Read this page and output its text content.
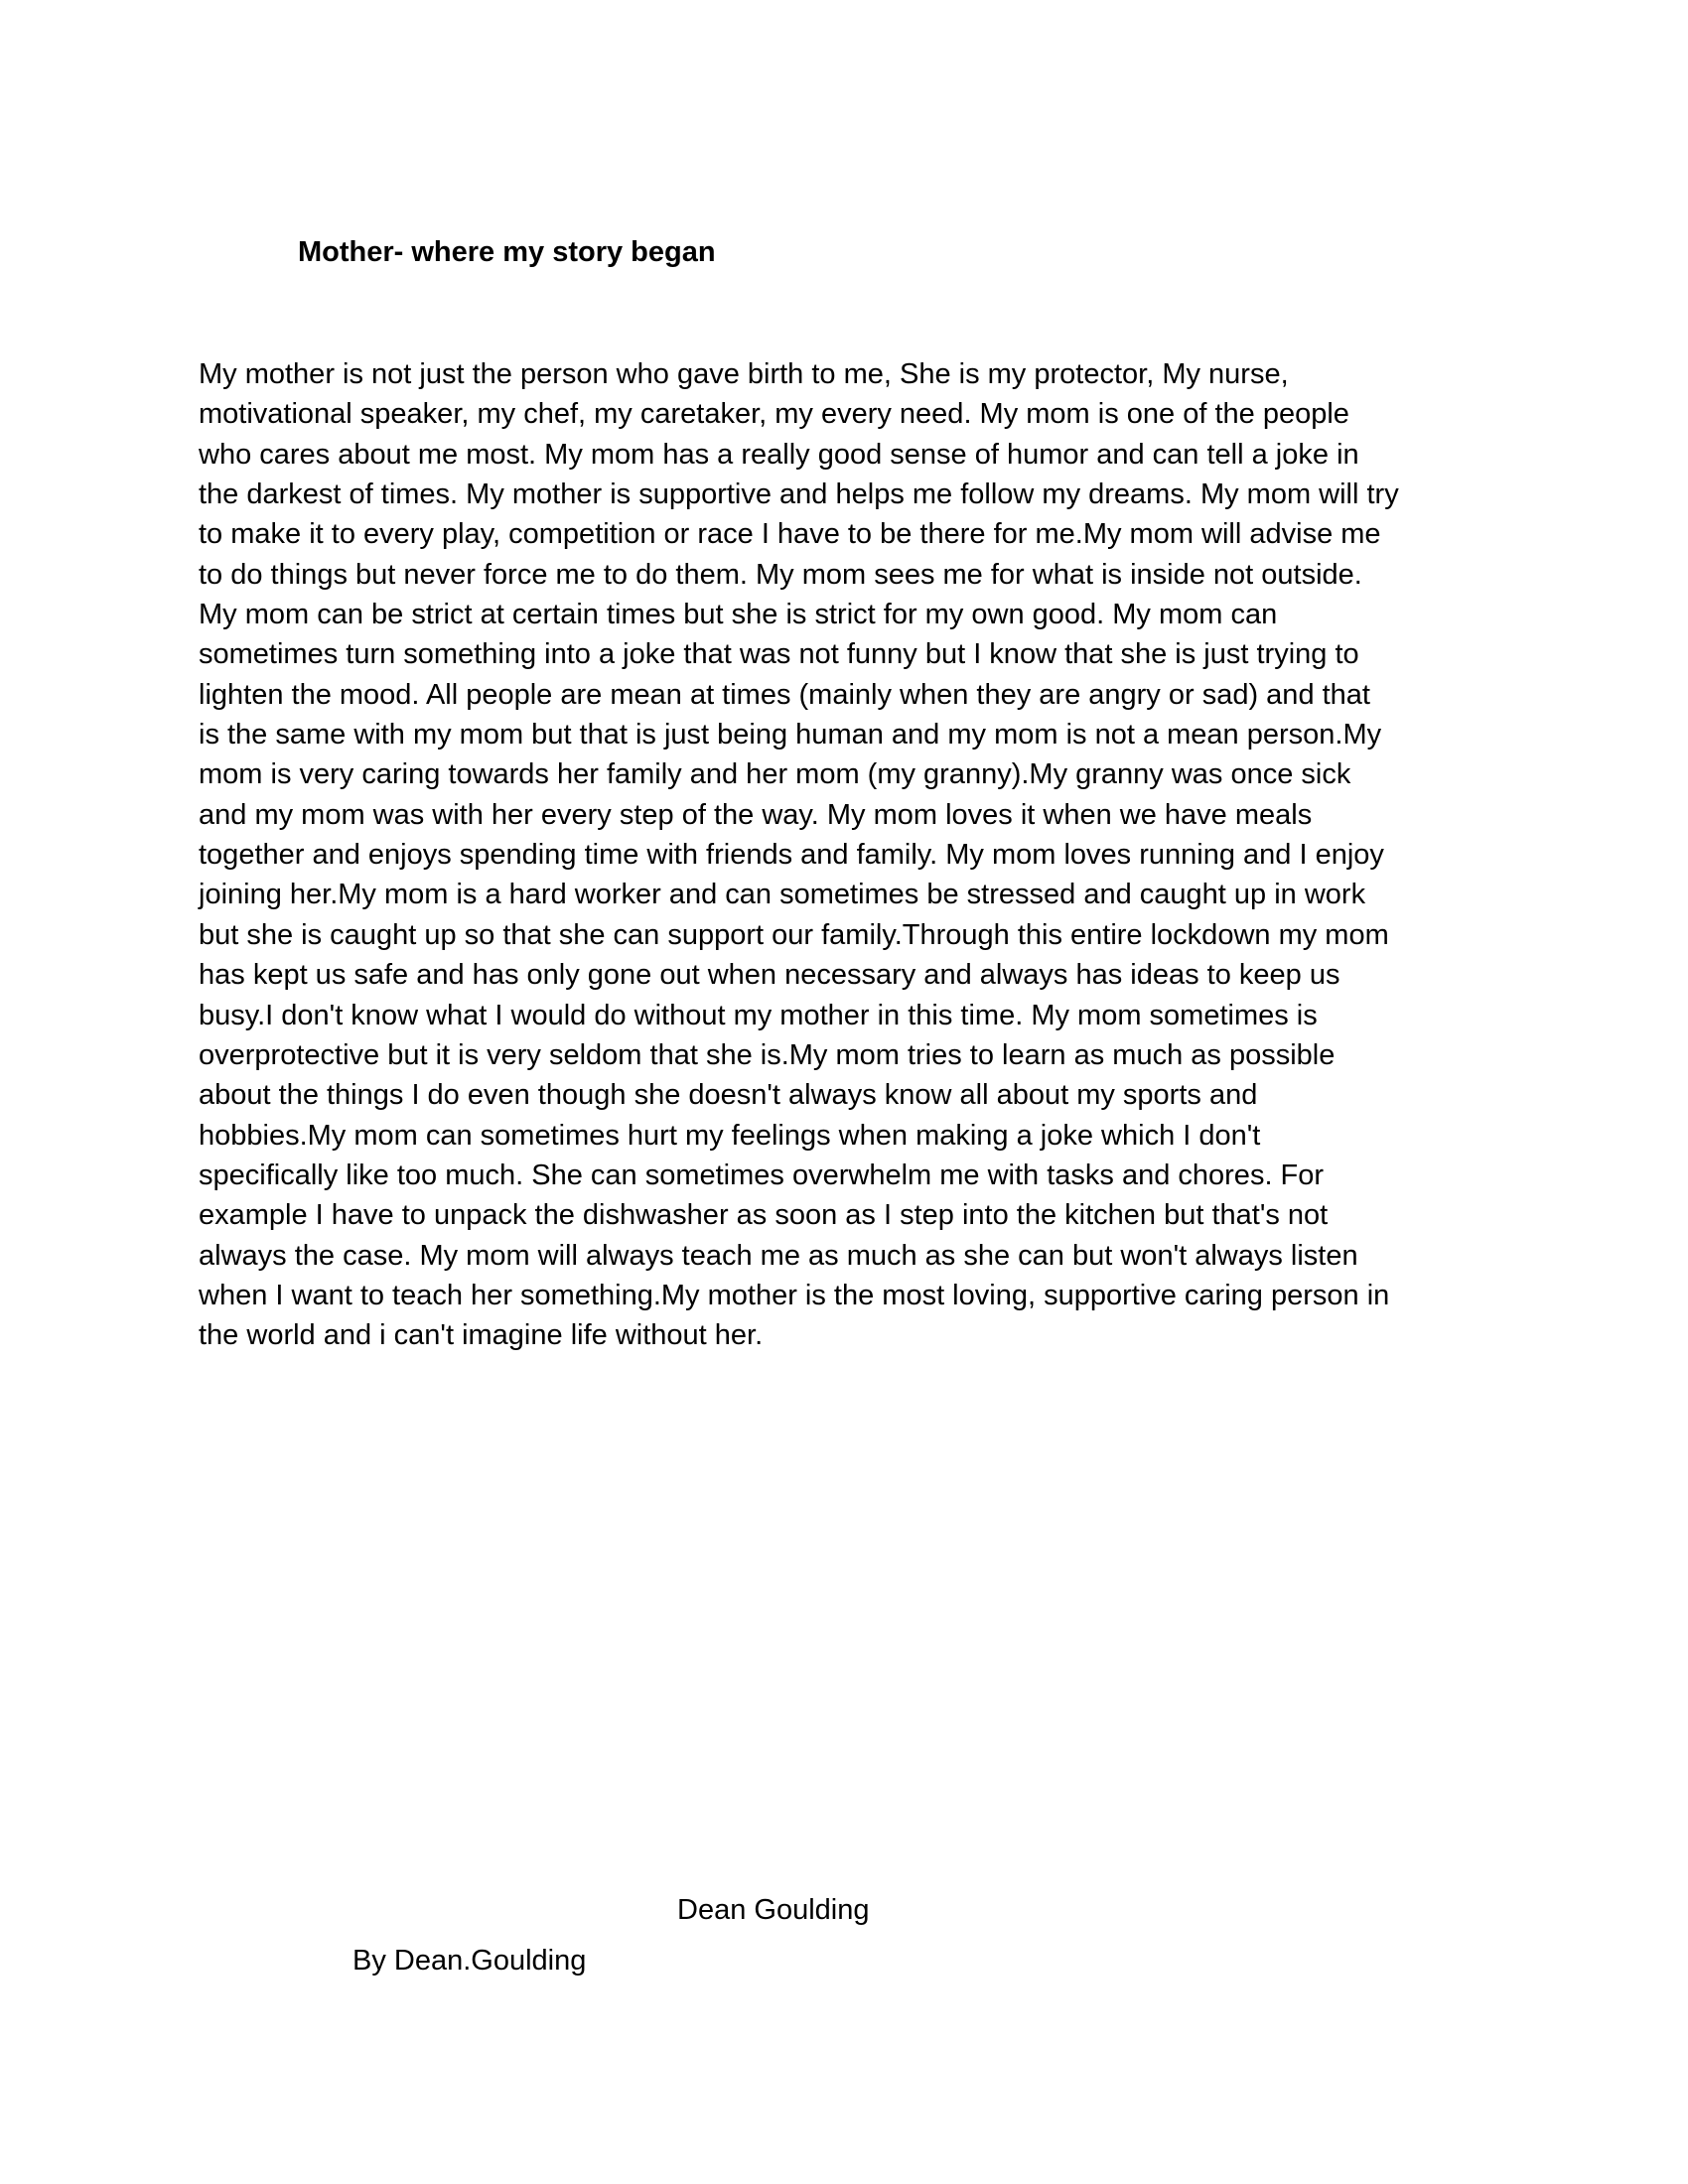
Mother- where my story began
My mother is not just the person who gave birth to me, She is my protector, My nurse,
motivational speaker, my chef, my caretaker, my every need. My mom is one of the people
who cares about me most. My mom has a really good sense of humor and can tell a joke in
the darkest of times. My mother is supportive and helps me follow my dreams. My mom will try
to make it to every play, competition or race I have to be there for me.My mom will advise me
to do things but never force me to do them. My mom sees me for what is inside not outside.
My mom can be strict at certain times but she is strict for my own good. My mom can
sometimes turn something into a joke that was not funny but I know that she is just trying to
lighten the mood. All people are mean at times (mainly when they are angry or sad) and that
is the same with my mom but that is just being human and my mom is not a mean person.My
mom is very caring towards her family and her mom (my granny).My granny was once sick
and my mom was with her every step of the way. My mom loves it when we have meals
together and enjoys spending time with friends and family. My mom loves running and I enjoy
joining her.My mom is a hard worker and can sometimes be stressed and caught up in work
but she is caught up so that she can support our family.Through this entire lockdown my mom
has kept us safe and has only gone out when necessary and always has ideas to keep us
busy.I don't know what I would do without my mother in this time. My mom sometimes is
overprotective but it is very seldom that she is.My mom tries to learn as much as possible
about the things I do even though she doesn't always know all about my sports and
hobbies.My mom can sometimes hurt my feelings when making a joke which I don't
specifically like too much. She can sometimes overwhelm me with tasks and chores. For
example I have to unpack the dishwasher as soon as I step into the kitchen but that's not
always the case. My mom will always teach me as much as she can but won't always listen
when I want to teach her something.My mother is the most loving, supportive caring person in
the world and i can't imagine life without her.
Dean Goulding
By Dean.Goulding
